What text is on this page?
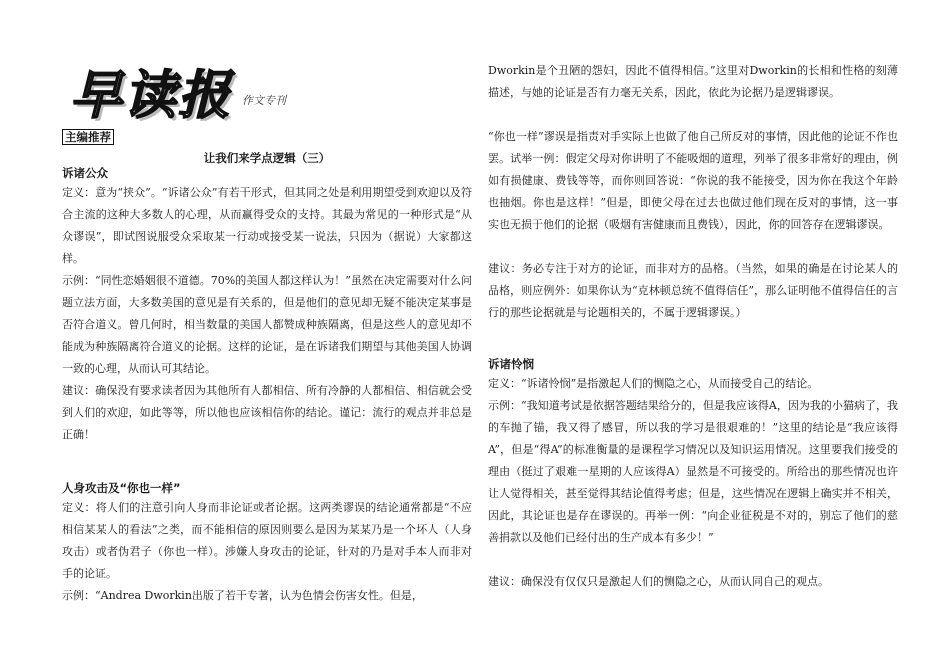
早读报 作文专刊
主编推荐
让我们来学点逻辑（三）
诉诸公众

定义：意为“挟众”。“诉诸公众”有若干形式，但其同之处是利用期望受到欢迎以及符合主流的这种大多数人的心理，从而赢得受众的支持。其最为常见的一种形式是“从众谬误”，即试图说服受众采取某一行动或接受某一说法，只因为（据说）大家都这样。

示例：“同性恋婚姻很不道德。70%的美国人都这样认为！”虽然在决定需要对什么问题立法方面，大多数美国的意见是有关系的，但是他们的意见却无疑不能决定某事是否符合道义。曾几何时，相当数量的美国人都赞成种族隔离，但是这些人的意见却不能成为种族隔离符合道义的论据。这样的论证，是在诉诸我们期望与其他美国人协调一致的心理，从而认可其结论。

建议：确保没有要求读者因为其他所有人都相信、所有冷静的人都相信、相信就会受到人们的欢迎，如此等等，所以他也应该相信你的结论。谨记：流行的观点并非总是正确！

人身攻击及“你也一样”

定义：将人们的注意引向人身而非论证或者论据。这两类谬误的结论通常都是“不应相信某某人的看法”之类，而不能相信的原因则要么是因为某某乃是一个坏人（人身攻击）或者伪君子（你也一样）。涉嫌人身攻击的论证，针对的乃是对手本人而非对手的论证。

示例：“Andrea Dworkin出版了若干专著，认为色情会伤害女性。但是，

Dworkin是个丑陋的怨妇，因此不值得相信。”这里对Dworkin的长相和性格的刻薄描述，与她的论证是否有力毫无关系，因此，依此为论据乃是逻辑谬误。

“你也一样”谬误是指责对手实际上也做了他自己所反对的事情，因此他的论证不作也罢。试举一例：假定父母对你讲明了不能吸烟的道理，列举了很多非常好的理由，例如有损健康、费钱等等，而你则回答说：“你说的我不能接受，因为你在我这个年龄也抽烟。你也是这样！”但是，即使父母在过去也做过他们现在反对的事情，这一事实也无损于他们的论据（吸烟有害健康而且费钱），因此，你的回答存在逻辑谬误。

建议：务必专注于对方的论证，而非对方的品格。（当然，如果的确是在讨论某人的品格，则应例外：如果你认为“克林顿总统不值得信任”，那么证明他不值得信任的言行的那些论据就是与论题相关的，不属于逻辑谬误。）

诉诸怜悯

定义：“诉诸怜悯”是指激起人们的恻隐之心，从而接受自己的结论。

示例：“我知道考试是依据答题结果给分的，但是我应该得A，因为我的小猫病了，我的车抛了锚，我又得了感冒，所以我的学习是很艰难的！”这里的结论是“我应该得A”，但是“得A”的标准衡量的是课程学习情况以及知识运用情况。这里要我们接受的理由（挺过了艰难一星期的人应该得A）显然是不可接受的。所给出的那些情况也许让人觉得相关，甚至觉得其结论值得考虑；但是，这些情况在逻辑上确实并不相关，因此，其论证也是存在谬误的。再举一例：“向企业征税是不对的，别忘了他们的慈善捐款以及他们已经付出的生产成本有多少！”

建议：确保没有仅仅只是激起人们的恻隐之心，从而认同自己的观点。
